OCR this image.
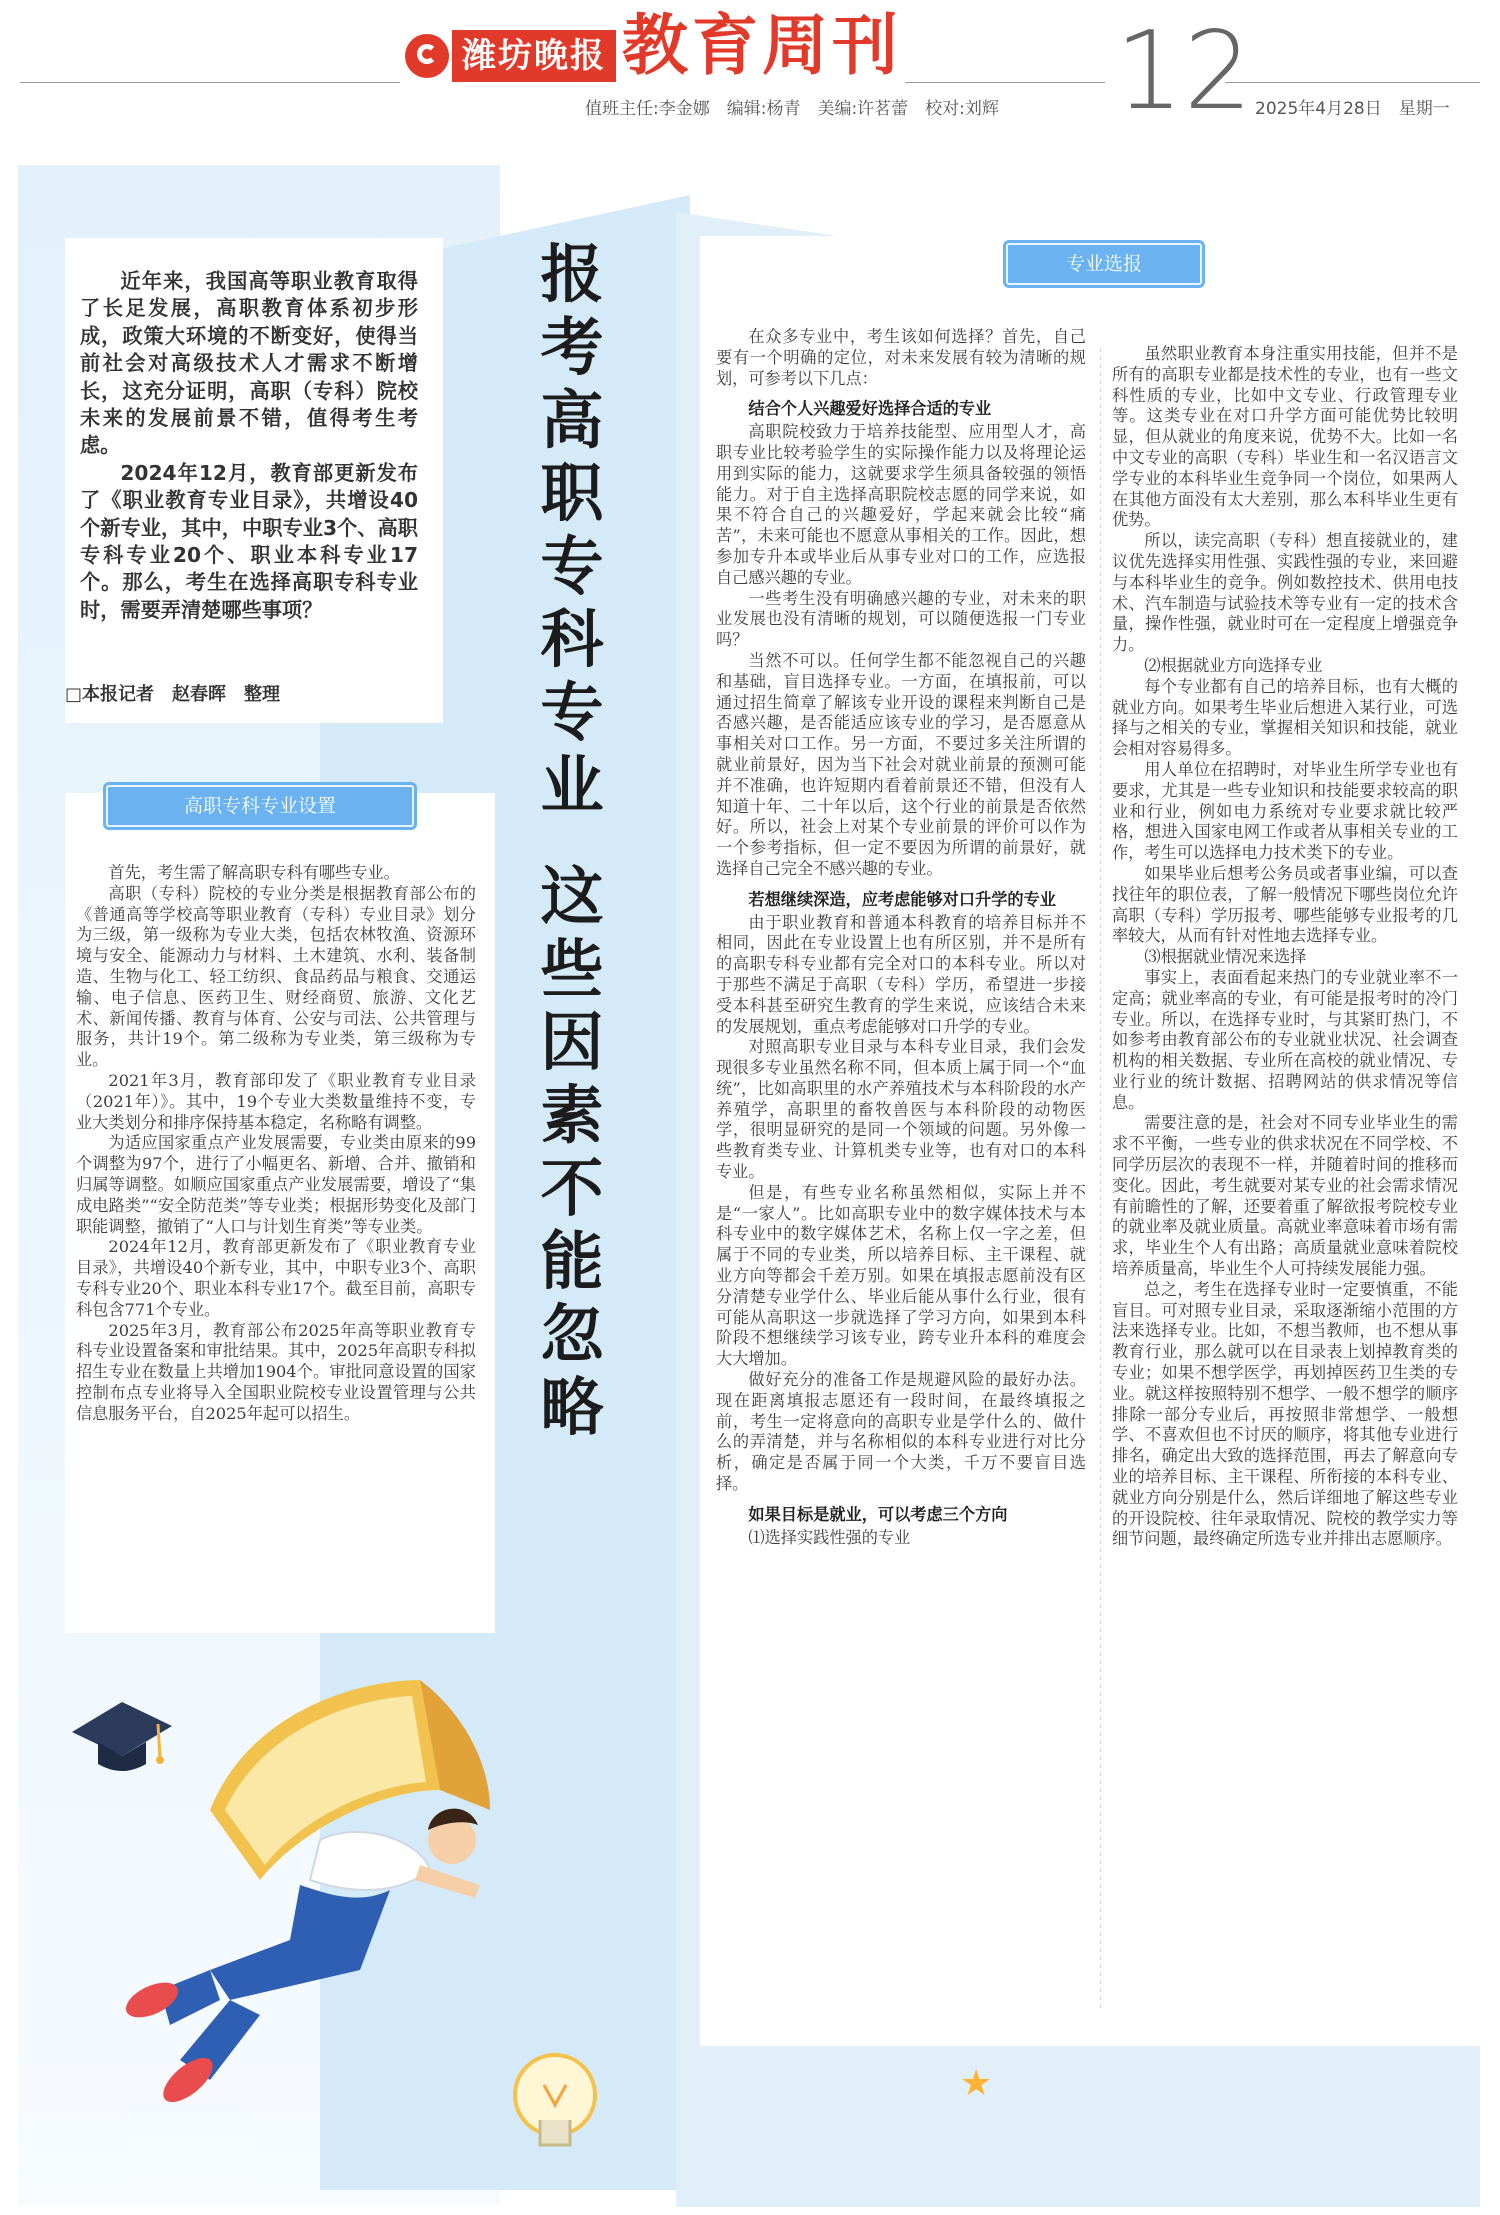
潍坊晚报 教育周刊
值班主任:李金娜　编辑:杨青　美编:许茗蕾　校对:刘辉 12 2025年4月28日　星期一

近年来，我国高等职业教育取得了长足发展，高职教育体系初步形成，政策大环境的不断变好，使得当前社会对高级技术人才需求不断增长，这充分证明，高职（专科）院校未来的发展前景不错，值得考生考虑。

2024年12月，教育部更新发布了《职业教育专业目录》，共增设40个新专业，其中，中职专业3个、高职专科专业20个、职业本科专业17个。那么，考生在选择高职专科专业时，需要弄清楚哪些事项？

□本报记者　赵春晖　整理
报考高职专科专业
这些因素不能忽略
高职专科专业设置

首先，考生需了解高职专科有哪些专业。

高职（专科）院校的专业分类是根据教育部公布的《普通高等学校高等职业教育（专科）专业目录》划分为三级，第一级称为专业大类，包括农林牧渔、资源环境与安全、能源动力与材料、土木建筑、水利、装备制造、生物与化工、轻工纺织、食品药品与粮食、交通运输、电子信息、医药卫生、财经商贸、旅游、文化艺术、新闻传播、教育与体育、公安与司法、公共管理与服务，共计19个。第二级称为专业类，第三级称为专业。

2021年3月，教育部印发了《职业教育专业目录（2021年）》。其中，19个专业大类数量维持不变，专业大类划分和排序保持基本稳定，名称略有调整。

为适应国家重点产业发展需要，专业类由原来的99个调整为97个，进行了小幅更名、新增、合并、撤销和归属等调整。如顺应国家重点产业发展需要，增设了“集成电路类”“安全防范类”等专业类；根据形势变化及部门职能调整，撤销了“人口与计划生育类”等专业类。

2024年12月，教育部更新发布了《职业教育专业目录》，共增设40个新专业，其中，中职专业3个、高职专科专业20个、职业本科专业17个。截至目前，高职专科包含771个专业。

2025年3月，教育部公布2025年高等职业教育专科专业设置备案和审批结果。其中，2025年高职专科拟招生专业在数量上共增加1904个。审批同意设置的国家控制布点专业将导入全国职业院校专业设置管理与公共信息服务平台，自2025年起可以招生。

专业选报

在众多专业中，考生该如何选择？首先，自己要有一个明确的定位，对未来发展有较为清晰的规划，可参考以下几点：

结合个人兴趣爱好选择合适的专业

高职院校致力于培养技能型、应用型人才，高职专业比较考验学生的实际操作能力以及将理论运用到实际的能力，这就要求学生须具备较强的领悟能力。对于自主选择高职院校志愿的同学来说，如果不符合自己的兴趣爱好，学起来就会比较“痛苦”，未来可能也不愿意从事相关的工作。因此，想参加专升本或毕业后从事专业对口的工作，应选报自己感兴趣的专业。

一些考生没有明确感兴趣的专业，对未来的职业发展也没有清晰的规划，可以随便选报一门专业吗？

当然不可以。任何学生都不能忽视自己的兴趣和基础，盲目选择专业。一方面，在填报前，可以通过招生简章了解该专业开设的课程来判断自己是否感兴趣，是否能适应该专业的学习，是否愿意从事相关对口工作。另一方面，不要过多关注所谓的就业前景好，因为当下社会对就业前景的预测可能并不准确，也许短期内看着前景还不错，但没有人知道十年、二十年以后，这个行业的前景是否依然好。所以，社会上对某个专业前景的评价可以作为一个参考指标，但一定不要因为所谓的前景好，就选择自己完全不感兴趣的专业。

若想继续深造，应考虑能够对口升学的专业

由于职业教育和普通本科教育的培养目标并不相同，因此在专业设置上也有所区别，并不是所有的高职专科专业都有完全对口的本科专业。所以对于那些不满足于高职（专科）学历，希望进一步接受本科甚至研究生教育的学生来说，应该结合未来的发展规划，重点考虑能够对口升学的专业。

对照高职专业目录与本科专业目录，我们会发现很多专业虽然名称不同，但本质上属于同一个“血统”，比如高职里的水产养殖技术与本科阶段的水产养殖学，高职里的畜牧兽医与本科阶段的动物医学，很明显研究的是同一个领域的问题。另外像一些教育类专业、计算机类专业等，也有对口的本科专业。

但是，有些专业名称虽然相似，实际上并不是“一家人”。比如高职专业中的数字媒体技术与本科专业中的数字媒体艺术，名称上仅一字之差，但属于不同的专业类，所以培养目标、主干课程、就业方向等都会千差万别。如果在填报志愿前没有区分清楚专业学什么、毕业后能从事什么行业，很有可能从高职这一步就选择了学习方向，如果到本科阶段不想继续学习该专业，跨专业升本科的难度会大大增加。

做好充分的准备工作是规避风险的最好办法。现在距离填报志愿还有一段时间，在最终填报之前，考生一定将意向的高职专业是学什么的、做什么的弄清楚，并与名称相似的本科专业进行对比分析，确定是否属于同一个大类，千万不要盲目选择。

如果目标是就业，可以考虑三个方向

⑴选择实践性强的专业

虽然职业教育本身注重实用技能，但并不是所有的高职专业都是技术性的专业，也有一些文科性质的专业，比如中文专业、行政管理专业等。这类专业在对口升学方面可能优势比较明显，但从就业的角度来说，优势不大。比如一名中文专业的高职（专科）毕业生和一名汉语言文学专业的本科毕业生竞争同一个岗位，如果两人在其他方面没有太大差别，那么本科毕业生更有优势。

所以，读完高职（专科）想直接就业的，建议优先选择实用性强、实践性强的专业，来回避与本科毕业生的竞争。例如数控技术、供用电技术、汽车制造与试验技术等专业有一定的技术含量，操作性强，就业时可在一定程度上增强竞争力。

⑵根据就业方向选择专业

每个专业都有自己的培养目标，也有大概的就业方向。如果考生毕业后想进入某行业，可选择与之相关的专业，掌握相关知识和技能，就业会相对容易得多。

用人单位在招聘时，对毕业生所学专业也有要求，尤其是一些专业知识和技能要求较高的职业和行业，例如电力系统对专业要求就比较严格，想进入国家电网工作或者从事相关专业的工作，考生可以选择电力技术类下的专业。

如果毕业后想考公务员或者事业编，可以查找往年的职位表，了解一般情况下哪些岗位允许高职（专科）学历报考、哪些能够专业报考的几率较大，从而有针对性地去选择专业。

⑶根据就业情况来选择

事实上，表面看起来热门的专业就业率不一定高；就业率高的专业，有可能是报考时的冷门专业。所以，在选择专业时，与其紧盯热门，不如参考由教育部公布的专业就业状况、社会调查机构的相关数据、专业所在高校的就业情况、专业行业的统计数据、招聘网站的供求情况等信息。

需要注意的是，社会对不同专业毕业生的需求不平衡，一些专业的供求状况在不同学校、不同学历层次的表现不一样，并随着时间的推移而变化。因此，考生就要对某专业的社会需求情况有前瞻性的了解，还要着重了解欲报考院校专业的就业率及就业质量。高就业率意味着市场有需求，毕业生个人有出路；高质量就业意味着院校培养质量高，毕业生个人可持续发展能力强。

总之，考生在选择专业时一定要慎重，不能盲目。可对照专业目录，采取逐渐缩小范围的方法来选择专业。比如，不想当教师，也不想从事教育行业，那么就可以在目录表上划掉教育类的专业；如果不想学医学，再划掉医药卫生类的专业。就这样按照特别不想学、一般不想学的顺序排除一部分专业后，再按照非常想学、一般想学、不喜欢但也不讨厌的顺序，将其他专业进行排名，确定出大致的选择范围，再去了解意向专业的培养目标、主干课程、所衔接的本科专业、就业方向分别是什么，然后详细地了解这些专业的开设院校、往年录取情况、院校的教学实力等细节问题，最终确定所选专业并排出志愿顺序。

★
